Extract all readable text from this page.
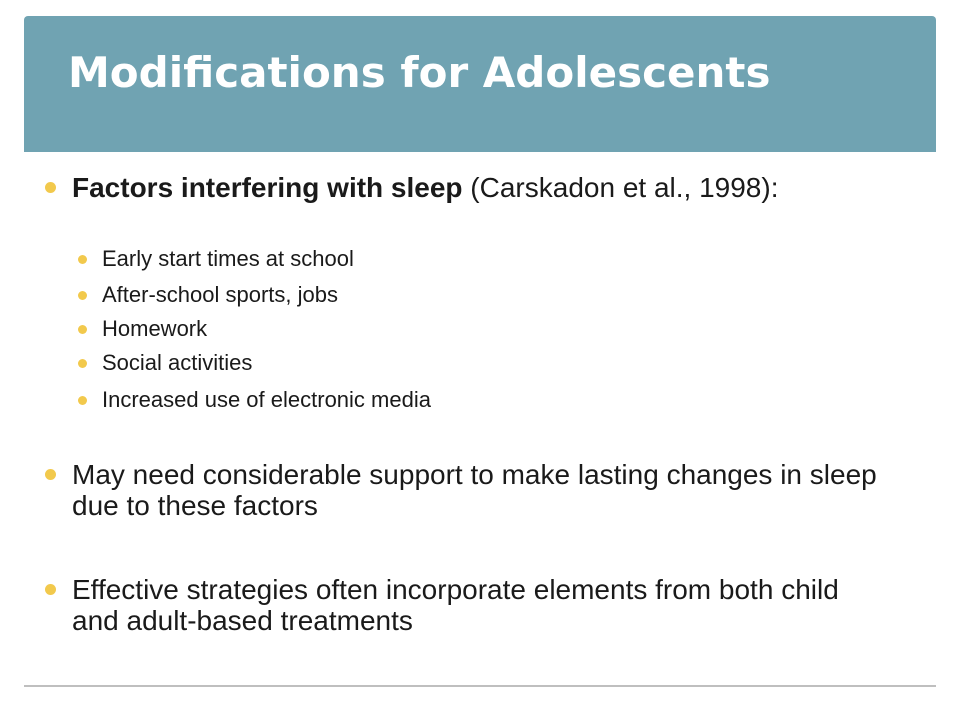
Modifications for Adolescents
Factors interfering with sleep (Carskadon et al., 1998):
Early start times at school
After-school sports, jobs
Homework
Social activities
Increased use of electronic media
May need considerable support to make lasting changes in sleep due to these factors
Effective strategies often incorporate elements from both child and adult-based treatments
